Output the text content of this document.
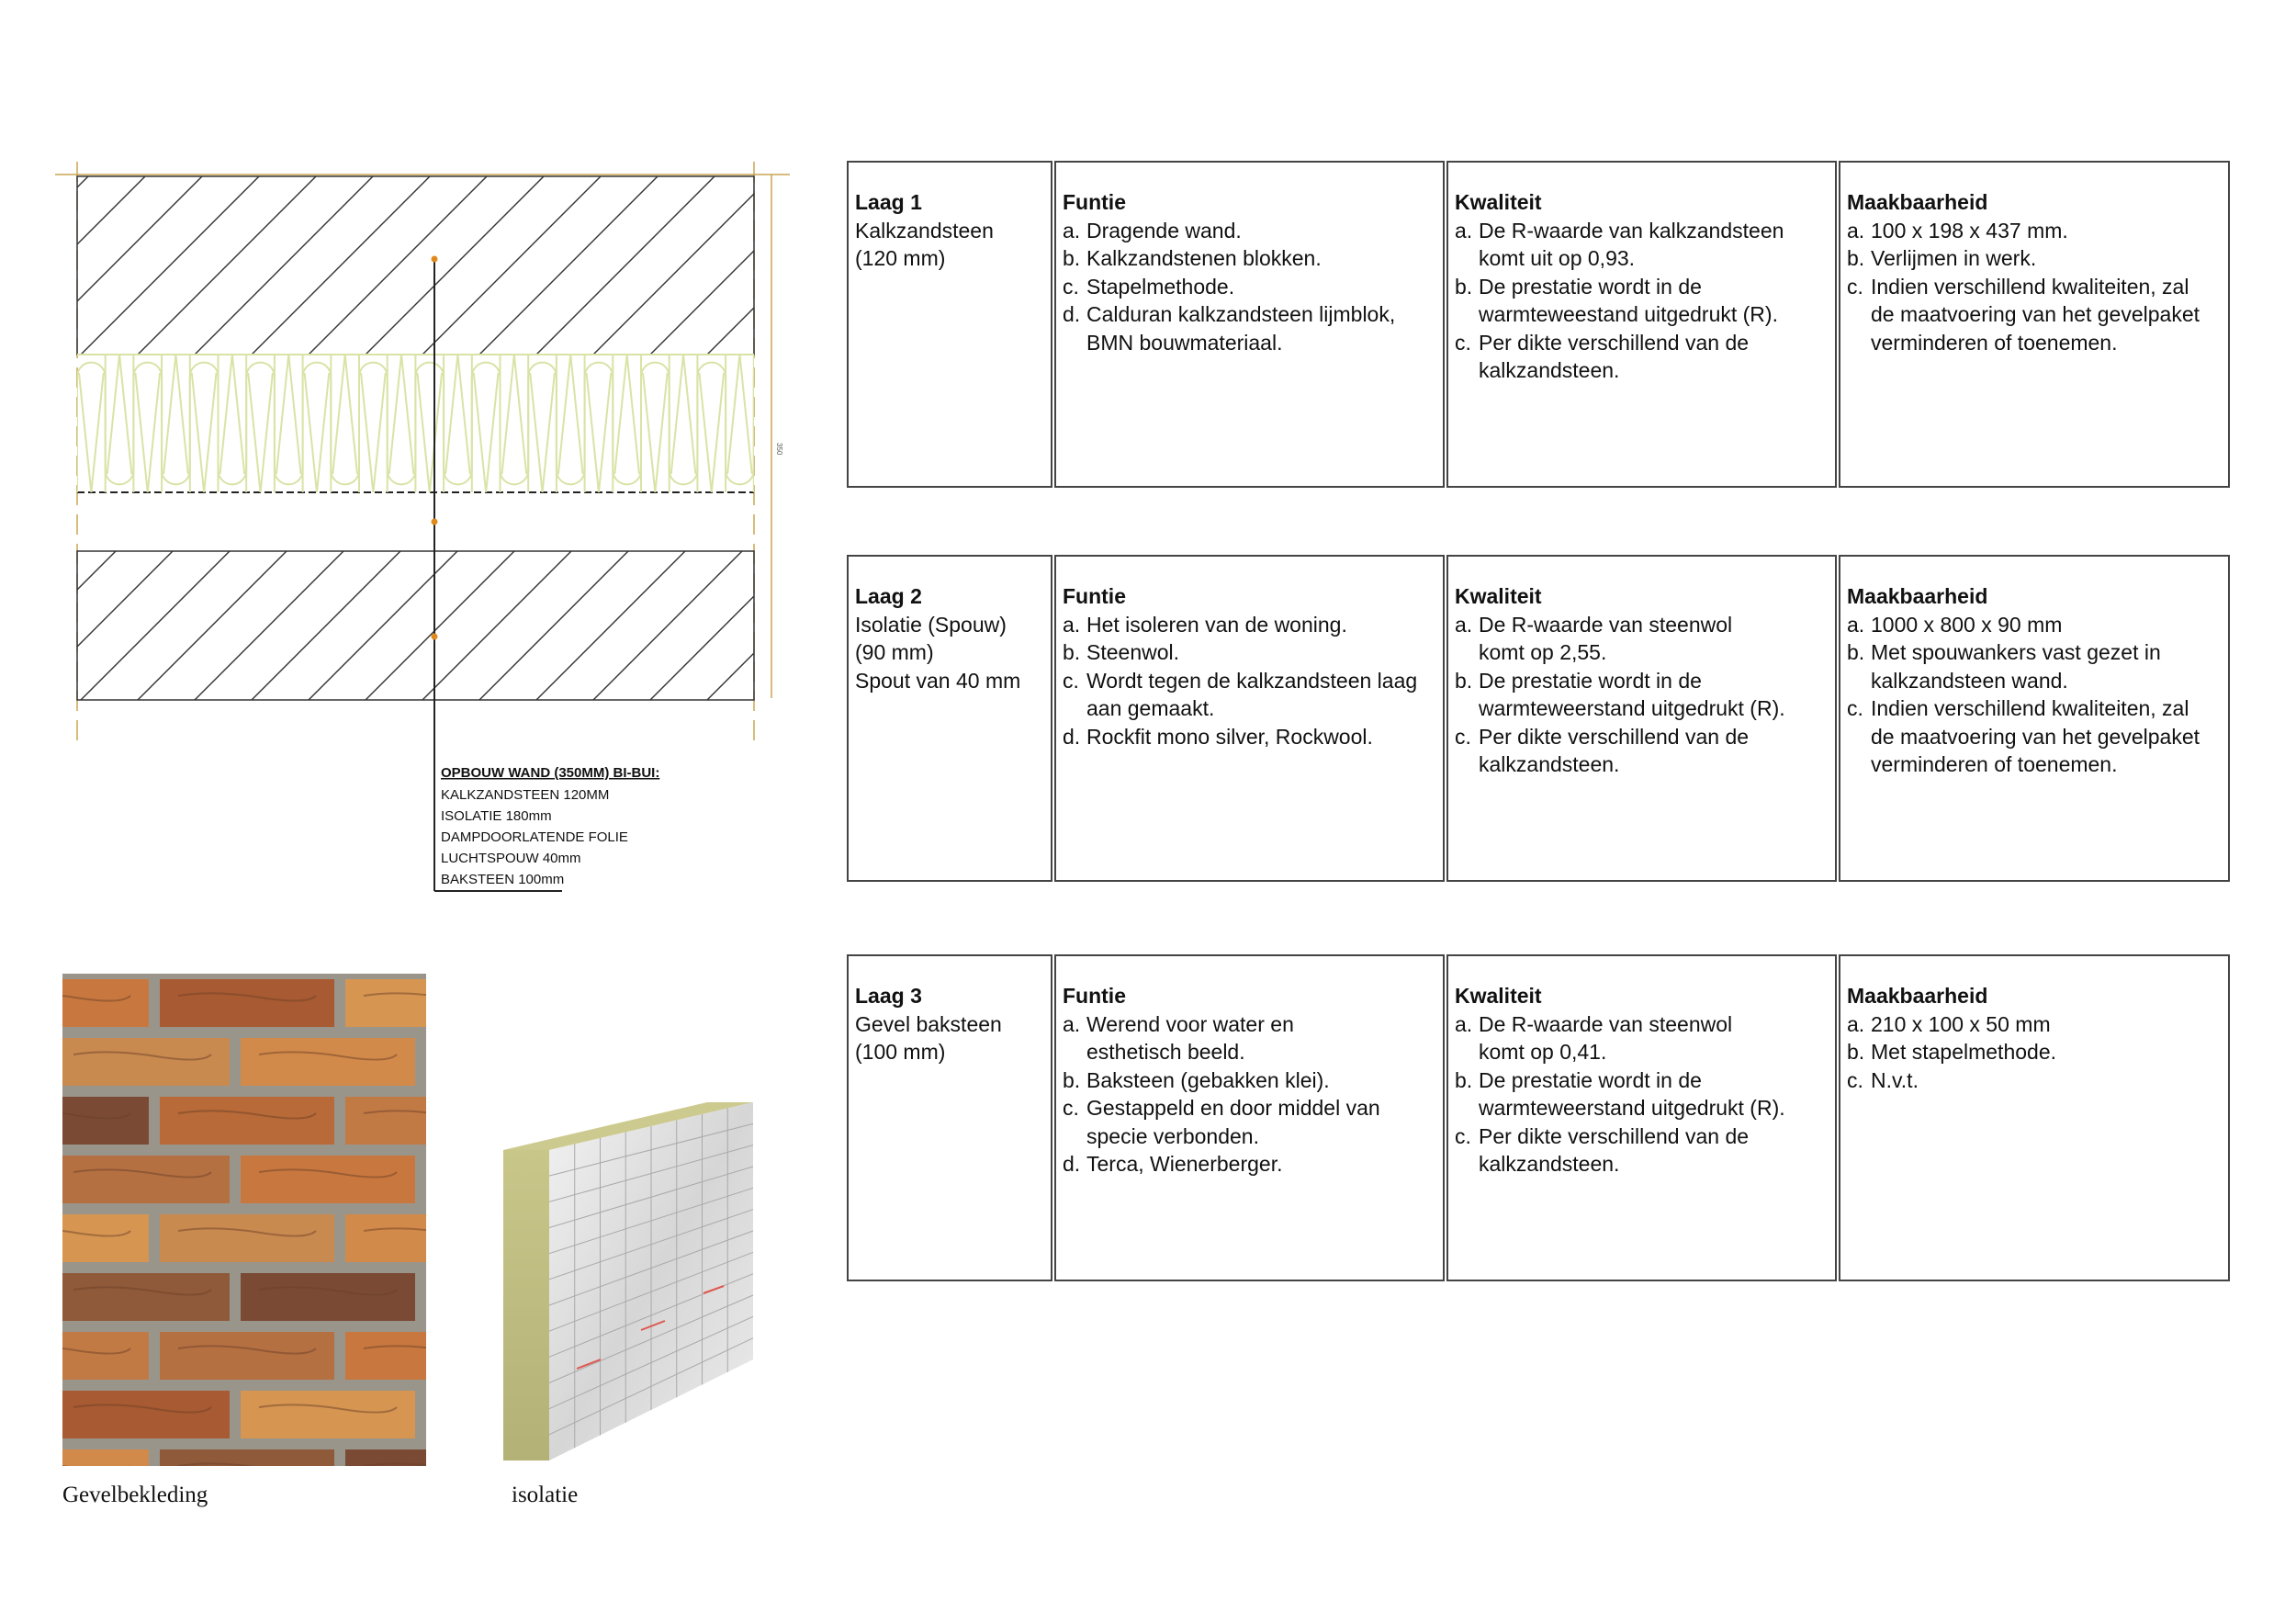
350
OPBOUW WAND (350MM) BI-BUI:
KALKZANDSTEEN 120MM
ISOLATIE 180mm
DAMPDOORLATENDE FOLIE
LUCHTSPOUW 40mm
BAKSTEEN 100mm
Laag 1
Kalkzandsteen
(120 mm)
Funtie
a. Dragende wand.
b. Kalkzandstenen blokken.
c. Stapelmethode.
d. Calduran kalkzandsteen lijmblok,
BMN bouwmateriaal.
Kwaliteit
a. De R-waarde van kalkzandsteen
komt uit op 0,93.
b. De prestatie wordt in de
warmteweestand uitgedrukt (R).
c. Per dikte verschillend van de
kalkzandsteen.
Maakbaarheid
a. 100 x 198 x 437 mm.
b. Verlijmen in werk.
c. Indien verschillend kwaliteiten, zal
de maatvoering van het gevelpaket
verminderen of toenemen.
Laag 2
Isolatie (Spouw)
(90 mm)
Spout van 40 mm
Funtie
a. Het isoleren van de woning.
b. Steenwol.
c. Wordt tegen de kalkzandsteen laag
aan gemaakt.
d. Rockfit mono silver, Rockwool.
Kwaliteit
a. De R-waarde van steenwol
komt op 2,55.
b. De prestatie wordt in de
warmteweerstand uitgedrukt (R).
c. Per dikte verschillend van de
kalkzandsteen.
Maakbaarheid
a. 1000 x 800 x 90 mm
b. Met spouwankers vast gezet in
kalkzandsteen wand.
c. Indien verschillend kwaliteiten, zal
de maatvoering van het gevelpaket
verminderen of toenemen.
Laag 3
Gevel baksteen
(100 mm)
Funtie
a. Werend voor water en
esthetisch beeld.
b. Baksteen (gebakken klei).
c. Gestappeld en door middel van
specie verbonden.
d. Terca, Wienerberger.
Kwaliteit
a. De R-waarde van steenwol
komt op 0,41.
b. De prestatie wordt in de
warmteweerstand uitgedrukt (R).
c. Per dikte verschillend van de
kalkzandsteen.
Maakbaarheid
a. 210 x 100 x 50 mm
b. Met stapelmethode.
c. N.v.t.
Gevelbekleding	isolatie
